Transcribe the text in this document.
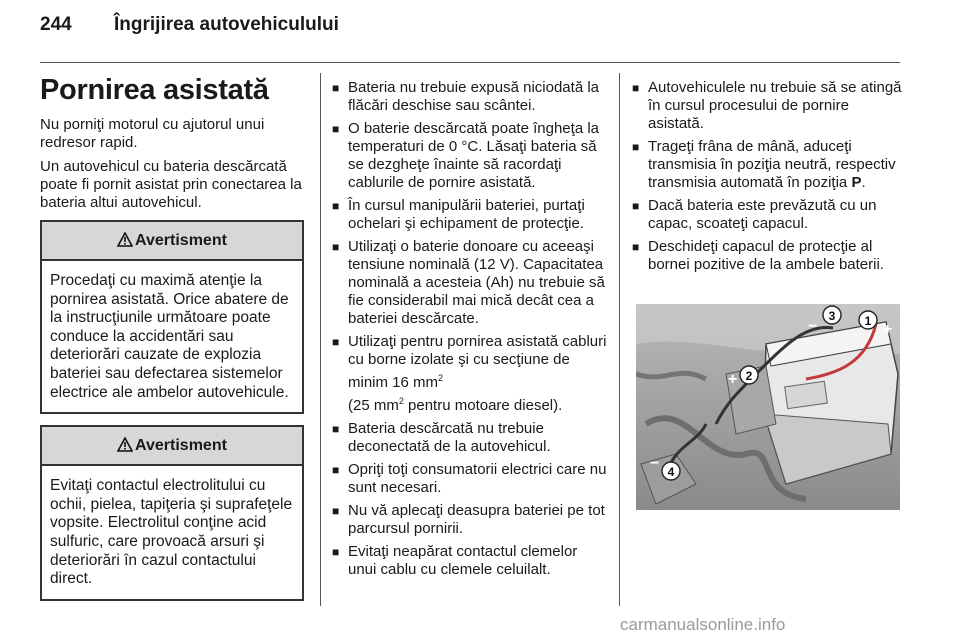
244 Îngrijirea autovehiculului
Pornirea asistată

Nu porniţi motorul cu ajutorul unui redresor rapid.

Un autovehicul cu bateria descărcată poate fi pornit asistat prin conectarea la bateria altui autovehicul.

Avertisment
Procedaţi cu maximă atenţie la pornirea asistată. Orice abatere de la instrucţiunile următoare poate conduce la accidentări sau deteriorări cauzate de explozia bateriei sau defectarea sistemelor electrice ale ambelor autovehicule.
Avertisment
Evitaţi contactul electrolitului cu ochii, pielea, tapiţeria şi suprafeţele vopsite. Electrolitul conţine acid sulfuric, care provoacă arsuri şi deteriorări în cazul contactului direct.
■ Bateria nu trebuie expusă niciodată la flăcări deschise sau scântei.
■ O baterie descărcată poate îngheţa la temperaturi de 0 °C. Lăsaţi bateria să se dezgheţe înainte să racordaţi cablurile de pornire asistată.
■ În cursul manipulării bateriei, purtaţi ochelari şi echipament de protecţie.
■ Utilizaţi o baterie donoare cu aceeaşi tensiune nominală (12 V). Capacitatea nominală a acesteia (Ah) nu trebuie să fie considerabil mai mică decât cea a bateriei descărcate.
■ Utilizaţi pentru pornirea asistată cabluri cu borne izolate şi cu secţiune de minim 16 $mm^2$
(25 $mm^2$ pentru motoare diesel).
■ Bateria descărcată nu trebuie deconectată de la autovehicul.
■ Opriţi toţi consumatorii electrici care nu sunt necesari.
■ Nu vă aplecaţi deasupra bateriei pe tot parcursul pornirii.
■ Evitaţi neapărat contactul clemelor unui cablu cu clemele celuilalt.
■ Autovehiculele nu trebuie să se atingă în cursul procesului de pornire asistată.
■ Trageţi frâna de mână, aduceţi transmisia în poziţia neutră, respectiv transmisia automată în poziţia P.
■ Dacă bateria este prevăzută cu un capac, scoateţi capacul.
■ Deschideţi capacul de protecţie al bornei pozitive de la ambele baterii.
1 +
3
−
2
+
4
−
carmanualsonline.info
